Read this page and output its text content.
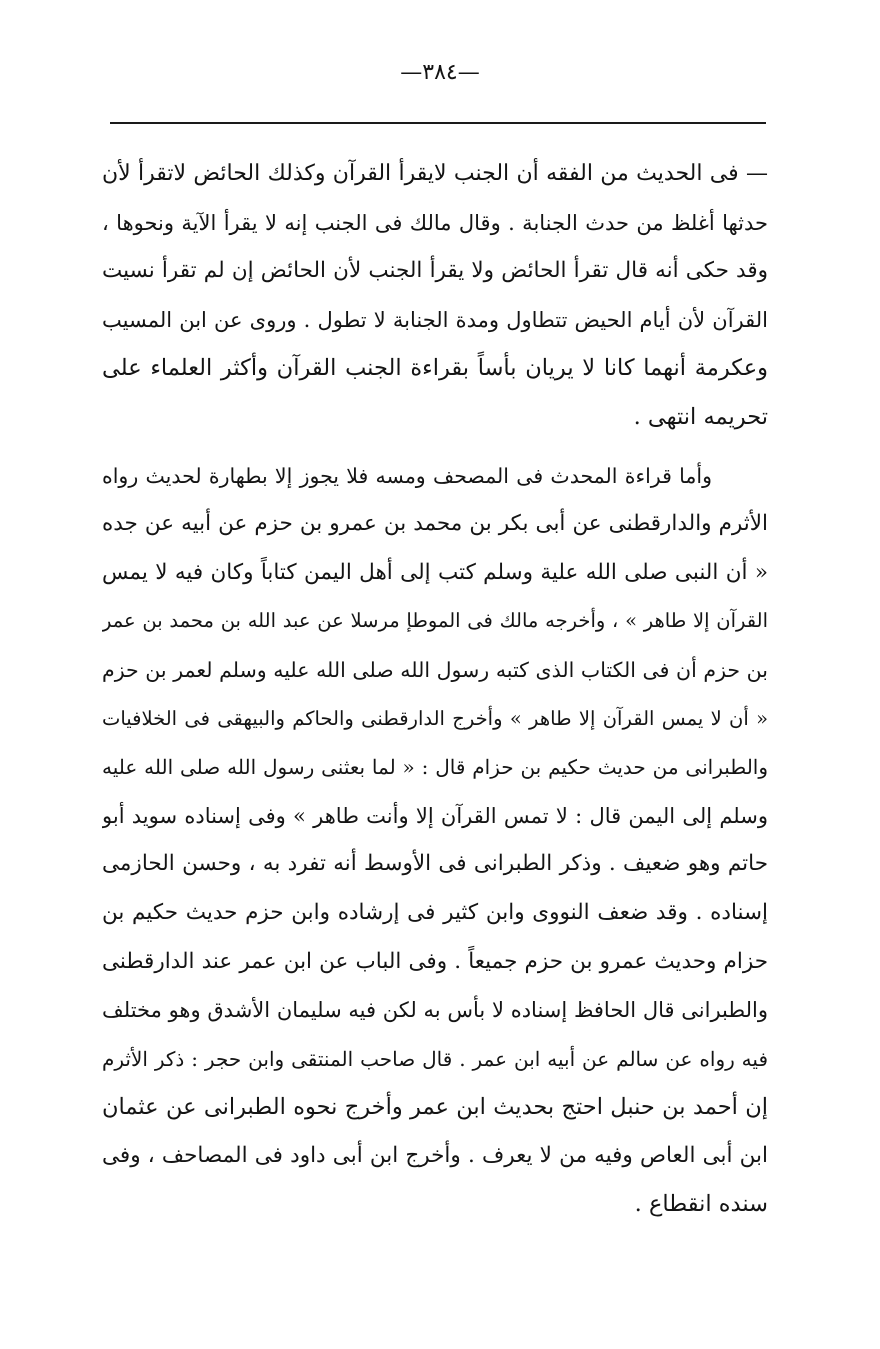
—٣٨٤—
— فى الحديث من الفقه أن الجنب لايقرأ القرآن وكذلك الحائض لاتقرأ لأن
حدثها أغلظ من حدث الجنابة . وقال مالك فى الجنب إنه لا يقرأ الآية ونحوها ،
وقد حكى أنه قال تقرأ الحائض ولا يقرأ الجنب لأن الحائض إن لم تقرأ نسيت
القرآن لأن أيام الحيض تتطاول ومدة الجنابة لا تطول . وروى عن ابن المسيب
وعكرمة أنهما كانا لا يريان بأساً بقراءة الجنب القرآن وأكثر العلماء على
تحريمه انتهى .
وأما قراءة المحدث فى المصحف ومسه فلا يجوز إلا بطهارة لحديث رواه
الأثرم والدارقطنى عن أبى بكر بن محمد بن عمرو بن حزم عن أبيه عن جده
« أن النبى صلى الله علية وسلم كتب إلى أهل اليمن كتاباً وكان فيه لا يمس
القرآن إلا طاهر » ، وأخرجه مالك فى الموطإ مرسلا عن عبد الله بن محمد بن عمر
بن حزم أن فى الكتاب الذى كتبه رسول الله صلى الله عليه وسلم لعمر بن حزم
« أن لا يمس القرآن إلا طاهر » وأخرج الدارقطنى والحاكم والبيهقى فى الخلافيات
والطبرانى من حديث حكيم بن حزام قال : « لما بعثنى رسول الله صلى الله عليه
وسلم إلى اليمن قال : لا تمس القرآن إلا وأنت طاهر » وفى إسناده سويد أبو
حاتم وهو ضعيف . وذكر الطبرانى فى الأوسط أنه تفرد به ، وحسن الحازمى
إسناده . وقد ضعف النووى وابن كثير فى إرشاده وابن حزم حديث حكيم بن
حزام وحديث عمرو بن حزم جميعاً . وفى الباب عن ابن عمر عند الدارقطنى
والطبرانى قال الحافظ إسناده لا بأس به لكن فيه سليمان الأشدق وهو مختلف
فيه رواه عن سالم عن أبيه ابن عمر . قال صاحب المنتقى وابن حجر : ذكر الأثرم
إن أحمد بن حنبل احتج بحديث ابن عمر وأخرج نحوه الطبرانى عن عثمان
ابن أبى العاص وفيه من لا يعرف . وأخرج ابن أبى داود فى المصاحف ، وفى
سنده انقطاع .
